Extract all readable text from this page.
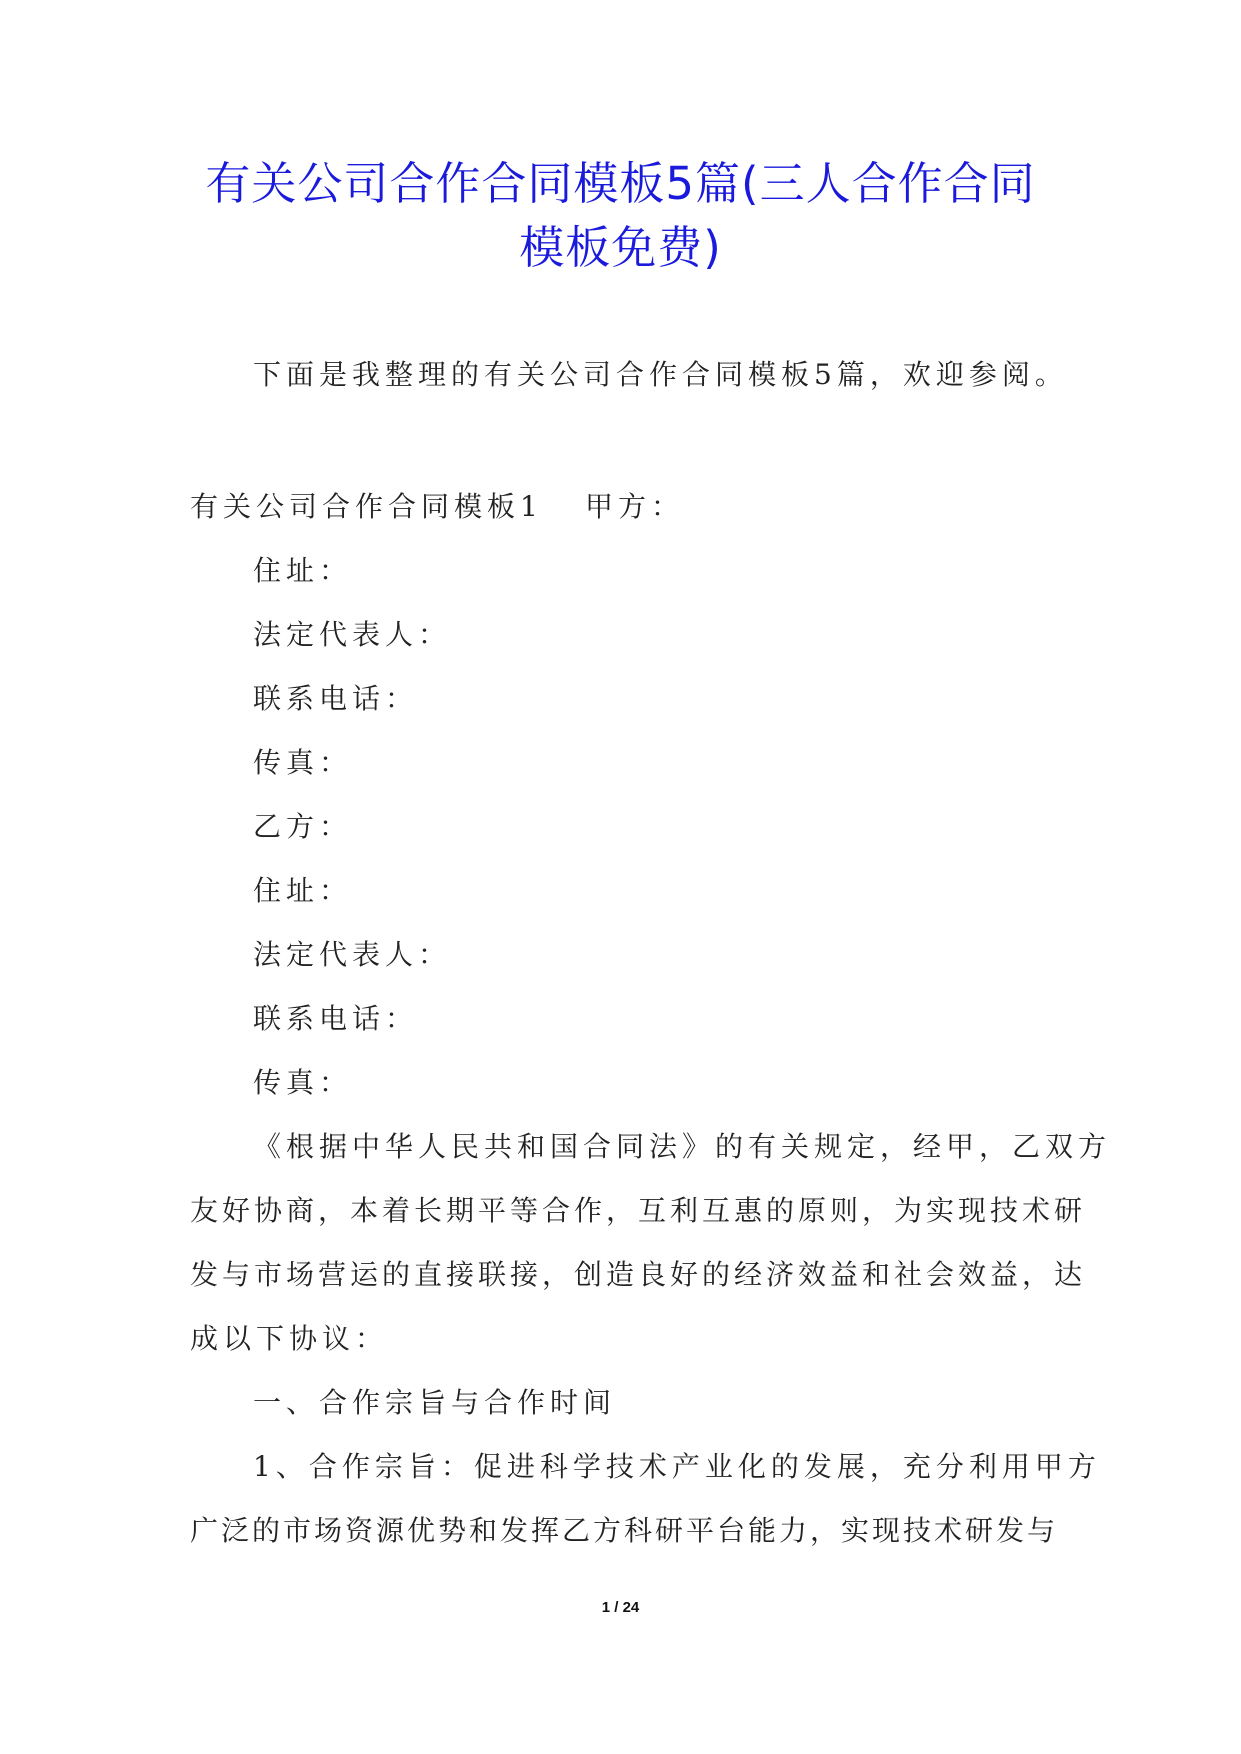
有关公司合作合同模板5篇(三人合作合同
模板免费)

下面是我整理的有关公司合作合同模板5篇，欢迎参阅。

有关公司合作合同模板1 甲方：

住址：

法定代表人：

联系电话：

传真：

乙方：

住址：

法定代表人：

联系电话：

传真：

《根据中华人民共和国合同法》的有关规定，经甲，乙双方

友好协商，本着长期平等合作，互利互惠的原则，为实现技术研

发与市场营运的直接联接，创造良好的经济效益和社会效益，达

成以下协议：

一、合作宗旨与合作时间

1、合作宗旨：促进科学技术产业化的发展，充分利用甲方

广泛的市场资源优势和发挥乙方科研平台能力，实现技术研发与

1 / 24
